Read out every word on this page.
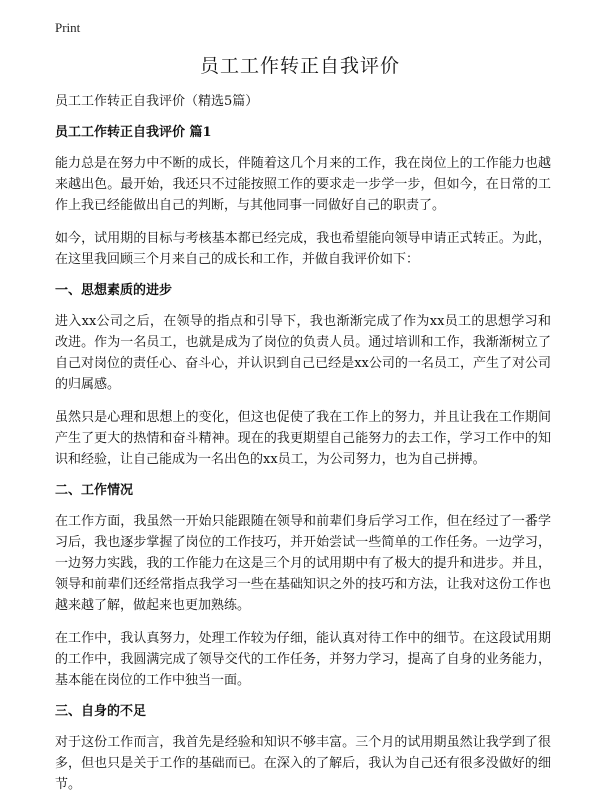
Print
员工工作转正自我评价

员工工作转正自我评价（精选5篇）

员工工作转正自我评价 篇1

能力总是在努力中不断的成长，伴随着这几个月来的工作，我在岗位上的工作能力也越来越出色。最开始，我还只不过能按照工作的要求走一步学一步，但如今，在日常的工作上我已经能做出自己的判断，与其他同事一同做好自己的职责了。

如今，试用期的目标与考核基本都已经完成，我也希望能向领导申请正式转正。为此，在这里我回顾三个月来自己的成长和工作，并做自我评价如下：

一、思想素质的进步

进入xx公司之后，在领导的指点和引导下，我也渐渐完成了作为xx员工的思想学习和改进。作为一名员工，也就是成为了岗位的负责人员。通过培训和工作，我渐渐树立了自己对岗位的责任心、奋斗心，并认识到自己已经是xx公司的一名员工，产生了对公司的归属感。

虽然只是心理和思想上的变化，但这也促使了我在工作上的努力，并且让我在工作期间产生了更大的热情和奋斗精神。现在的我更期望自己能努力的去工作，学习工作中的知识和经验，让自己能成为一名出色的xx员工，为公司努力，也为自己拼搏。

二、工作情况

在工作方面，我虽然一开始只能跟随在领导和前辈们身后学习工作，但在经过了一番学习后，我也逐步掌握了岗位的工作技巧，并开始尝试一些简单的工作任务。一边学习，一边努力实践，我的工作能力在这是三个月的试用期中有了极大的提升和进步。并且，领导和前辈们还经常指点我学习一些在基础知识之外的技巧和方法，让我对这份工作也越来越了解，做起来也更加熟练。

在工作中，我认真努力，处理工作较为仔细，能认真对待工作中的细节。在这段试用期的工作中，我圆满完成了领导交代的工作任务，并努力学习，提高了自身的业务能力，基本能在岗位的工作中独当一面。

三、自身的不足

对于这份工作而言，我首先是经验和知识不够丰富。三个月的试用期虽然让我学到了很多，但也只是关于工作的基础而已。在深入的了解后，我认为自己还有很多没做好的细节。
